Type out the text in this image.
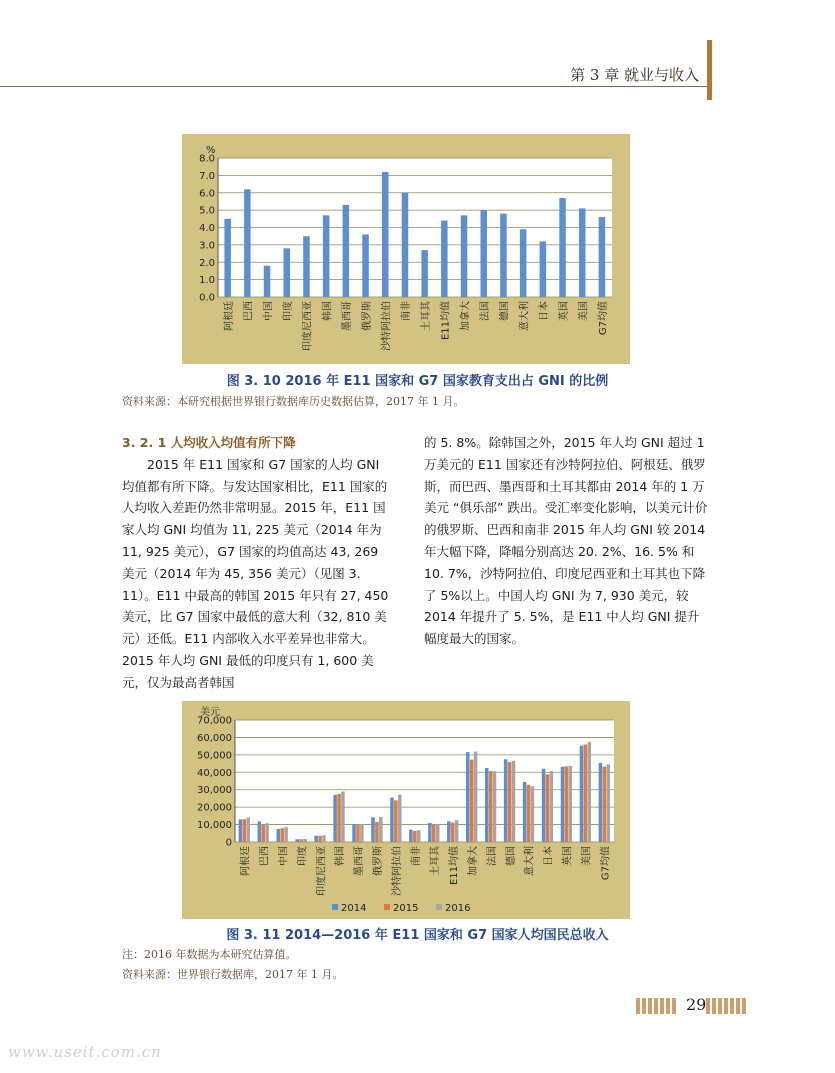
第 3 章 就业与收入
0.0
1.0
2.0
3.0
4.0
5.0
6.0
7.0
8.0
%
阿根廷 巴西 中国 印度 印度尼西亚 韩国 墨西哥 俄罗斯 沙特阿拉伯 南非 土耳其 E11均值 加拿大 法国 德国 意大利 日本 英国 美国 G7均值
图 3. 10 2016 年 E11 国家和 G7 国家教育支出占 GNI 的比例
资料来源：本研究根据世界银行数据库历史数据估算，2017 年 1 月。

3. 2. 1 人均收入均值有所下降

2015 年 E11 国家和 G7 国家的人均 GNI 均值都有所下降。与发达国家相比，E11 国家的人均收入差距仍然非常明显。2015 年，E11 国家人均 GNI 均值为 11, 225 美元（2014 年为 11, 925 美元），G7 国家的均值高达 43, 269 美元（2014 年为 45, 356 美元）（见图 3. 11）。E11 中最高的韩国 2015 年只有 27, 450 美元，比 G7 国家中最低的意大利（32, 810 美元）还低。E11 内部收入水平差异也非常大。2015 年人均 GNI 最低的印度只有 1, 600 美元，仅为最高者韩国

的 5. 8%。除韩国之外，2015 年人均 GNI 超过 1 万美元的 E11 国家还有沙特阿拉伯、阿根廷、俄罗斯，而巴西、墨西哥和土耳其都由 2014 年的 1 万美元 “俱乐部” 跌出。受汇率变化影响，以美元计价的俄罗斯、巴西和南非 2015 年人均 GNI 较 2014 年大幅下降，降幅分别高达 20. 2%、16. 5% 和 10. 7%，沙特阿拉伯、印度尼西亚和土耳其也下降了 5%以上。中国人均 GNI 为 7, 930 美元，较 2014 年提升了 5. 5%，是 E11 中人均 GNI 提升幅度最大的国家。

0
10,000
20,000
30,000
40,000
50,000
60,000
70,000
美元
阿根廷 巴西 中国 印度 印度尼西亚 韩国 墨西哥 俄罗斯 沙特阿拉伯 南非 土耳其 E11均值 加拿大 法国 德国 意大利 日本 英国 美国 G7均值
2014	2015	2016
图 3. 11 2014—2016 年 E11 国家和 G7 国家人均国民总收入
注：2016 年数据为本研究估算值。
资料来源：世界银行数据库，2017 年 1 月。
29
www.useit.com.cn
